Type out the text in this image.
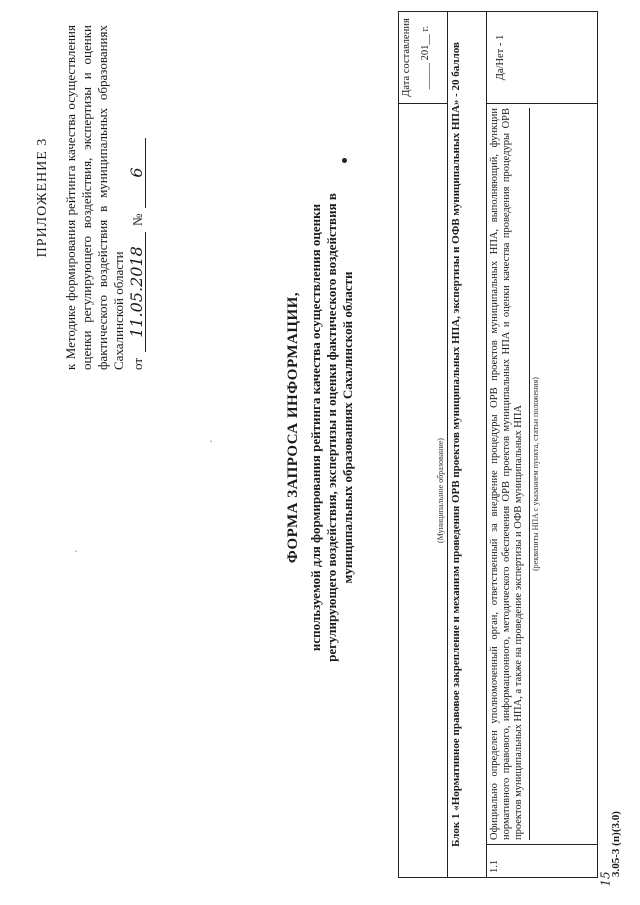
ПРИЛОЖЕНИЕ 3 к Методике формирования рейтинга качества осуществления оценки регулирующего воздействия, экспертизы и оценки фактического воздействия в муниципальных образованиях Сахалинской области от
11.05.2018
№
6
ФОРМА ЗАПРОСА ИНФОРМАЦИИ, используемой для формирования рейтинга качества осуществления оценки регулирующего воздействия, экспертизы и оценки фактического воздействия в муниципальных образованиях Сахалинской области	(Муниципальное образование)
Дата составления _____ 201__ г. Блок 1 «Нормативное правовое закрепление и механизм проведения ОРВ проектов муниципальных НПА, экспертизы и ОФВ муниципальных НПА» - 20 баллов
1.1
Официально определен уполномоченный орган, ответственный за внедрение процедуры ОРВ проектов муниципальных НПА, выполняющий, функции нормативного правового, информационного, методического обеспечения ОРВ проектов муниципальных НПА и оценки качества проведения процедуры ОРВ проектов муниципальных НПА, а также на проведение экспертизы и ОФВ муниципальных НПА (реквизиты НПА с указанием пункта, статьи положения)
Да/Нет - 1
3.05-3 (п)(3.0)
ˊ
ˊ
15
